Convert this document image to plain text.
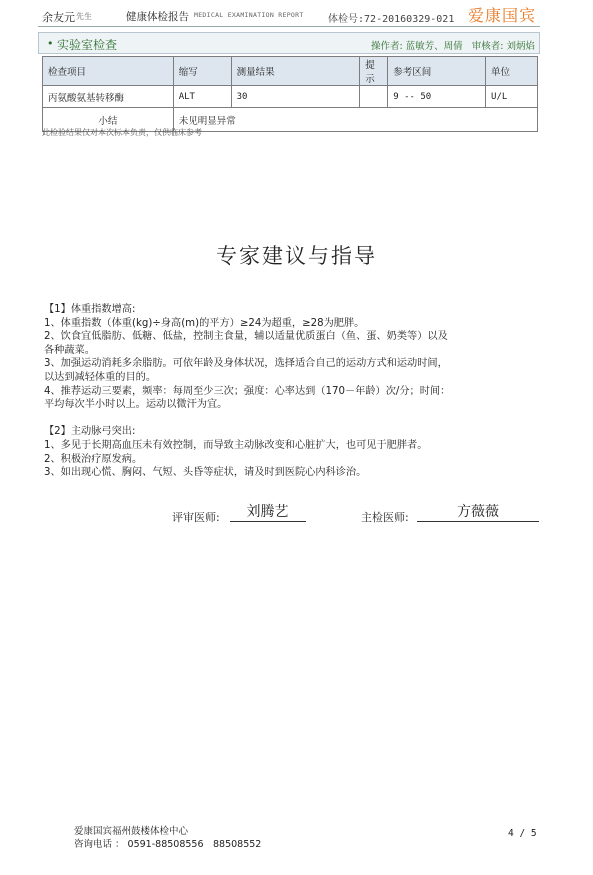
余友元 先生	健康体检报告 MEDICAL EXAMINATION REPORT 体检号:72-20160329-021 爱康国宾
• 实验室检查	操作者: 蓝敏芳、周倩 审核者: 刘炳焰
检查项目	缩写	测量结果	提示	参考区间	单位
丙氨酸氨基转移酶	ALT	30		9 -- 50	U/L
小结	未见明显异常				
此检验结果仅对本次标本负责，仅供临床参考
专家建议与指导
【1】体重指数增高:
1、体重指数（体重(kg)÷身高(m)的平方）≥24为超重，≥28为肥胖。
2、饮食宜低脂肪、低糖、低盐，控制主食量，辅以适量优质蛋白（鱼、蛋、奶类等）以及
各种蔬菜。
3、加强运动消耗多余脂肪。可依年龄及身体状况，选择适合自己的运动方式和运动时间，
以达到减轻体重的目的。
4、推荐运动三要素，频率：每周至少三次；强度：心率达到（170－年龄）次/分；时间：
平均每次半小时以上。运动以微汗为宜。
【2】主动脉弓突出:
1、多见于长期高血压未有效控制，而导致主动脉改变和心脏扩大，也可见于肥胖者。
2、积极治疗原发病。
3、如出现心慌、胸闷、气短、头昏等症状，请及时到医院心内科诊治。
评审医师:	刘腾艺	主检医师:	方薇薇
爱康国宾福州鼓楼体检中心
咨询电话 ： 0591-88508556　88508552
4 / 5
